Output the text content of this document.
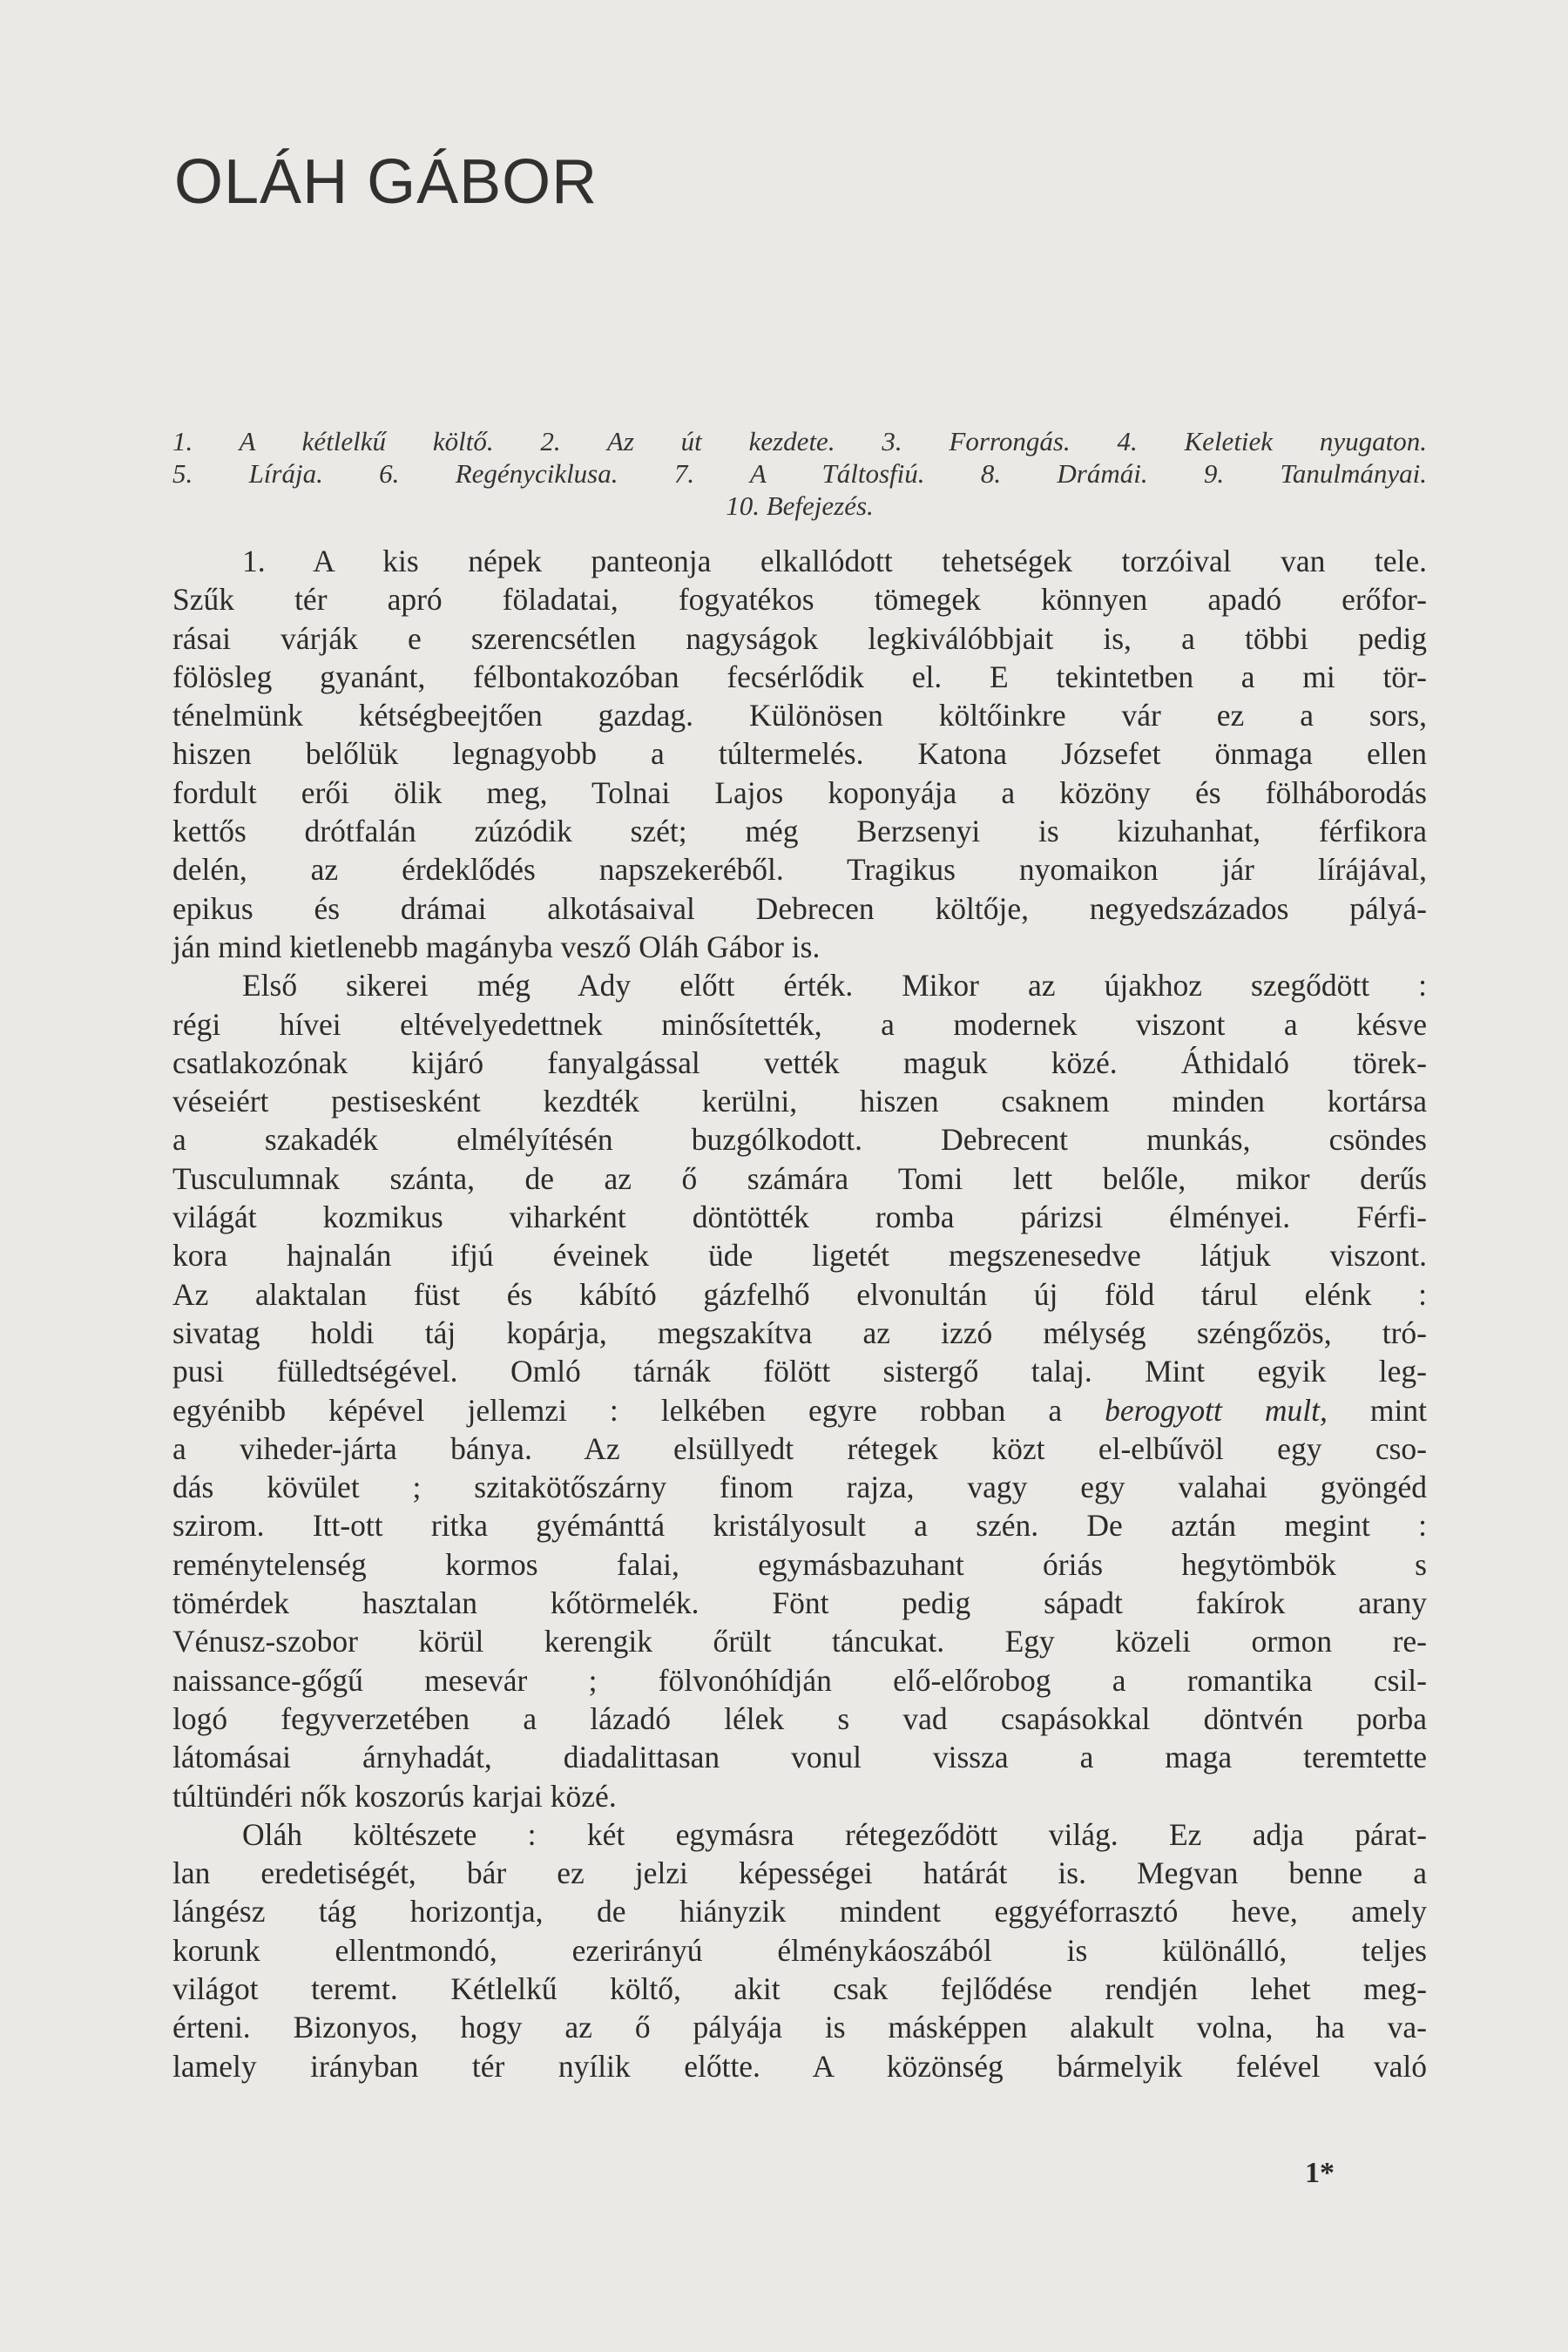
OLÁH GÁBOR
1. A kétlelkű költő. 2. Az út kezdete. 3. Forrongás. 4. Keletiek nyugaton.
5. Lírája. 6. Regényciklusa. 7. A Táltosfiú. 8. Drámái. 9. Tanulmányai.
10. Befejezés.
1. A kis népek panteonja elkallódott tehetségek torzóival van tele.
Szűk tér apró föladatai, fogyatékos tömegek könnyen apadó erőfor-
rásai várják e szerencsétlen nagyságok legkiválóbbjait is, a többi pedig
fölösleg gyanánt, félbontakozóban fecsérlődik el. E tekintetben a mi tör-
ténelmünk kétségbeejtően gazdag. Különösen költőinkre vár ez a sors,
hiszen belőlük legnagyobb a túltermelés. Katona Józsefet önmaga ellen
fordult erői ölik meg, Tolnai Lajos koponyája a közöny és fölháborodás
kettős drótfalán zúzódik szét; még Berzsenyi is kizuhanhat, férfikora
delén, az érdeklődés napszekeréből. Tragikus nyomaikon jár lírájával,
epikus és drámai alkotásaival Debrecen költője, negyedszázados pályá-
ján mind kietlenebb magányba vesző Oláh Gábor is.
Első sikerei még Ady előtt érték. Mikor az újakhoz szegődött :
régi hívei eltévelyedettnek minősítették, a modernek viszont a késve
csatlakozónak kijáró fanyalgással vették maguk közé. Áthidaló törek-
véseiért pestisesként kezdték kerülni, hiszen csaknem minden kortársa
a szakadék elmélyítésén buzgólkodott. Debrecent munkás, csöndes
Tusculumnak szánta, de az ő számára Tomi lett belőle, mikor derűs
világát kozmikus viharként döntötték romba párizsi élményei. Férfi-
kora hajnalán ifjú éveinek üde ligetét megszenesedve látjuk viszont.
Az alaktalan füst és kábító gázfelhő elvonultán új föld tárul elénk :
sivatag holdi táj kopárja, megszakítva az izzó mélység széngőzös, tró-
pusi fülledtségével. Omló tárnák fölött sistergő talaj. Mint egyik leg-
egyénibb képével jellemzi : lelkében egyre robban a berogyott mult, mint
a viheder-járta bánya. Az elsüllyedt rétegek közt el-elbűvöl egy cso-
dás kövület ; szitakötőszárny finom rajza, vagy egy valahai gyöngéd
szirom. Itt-ott ritka gyémánttá kristályosult a szén. De aztán megint :
reménytelenség kormos falai, egymásbazuhant óriás hegytömbök s
tömérdek hasztalan kőtörmelék. Fönt pedig sápadt fakírok arany
Vénusz-szobor körül kerengik őrült táncukat. Egy közeli ormon re-
naissance-gőgű mesevár ; fölvonóhídján elő-előrobog a romantika csil-
logó fegyverzetében a lázadó lélek s vad csapásokkal döntvén porba
látomásai árnyhadát, diadalittasan vonul vissza a maga teremtette
túltündéri nők koszorús karjai közé.
Oláh költészete : két egymásra rétegeződött világ. Ez adja párat-
lan eredetiségét, bár ez jelzi képességei határát is. Megvan benne a
lángész tág horizontja, de hiányzik mindent eggyéforrasztó heve, amely
korunk ellentmondó, ezerirányú élménykáoszából is különálló, teljes
világot teremt. Kétlelkű költő, akit csak fejlődése rendjén lehet meg-
érteni. Bizonyos, hogy az ő pályája is másképpen alakult volna, ha va-
lamely irányban tér nyílik előtte. A közönség bármelyik felével való
1*
